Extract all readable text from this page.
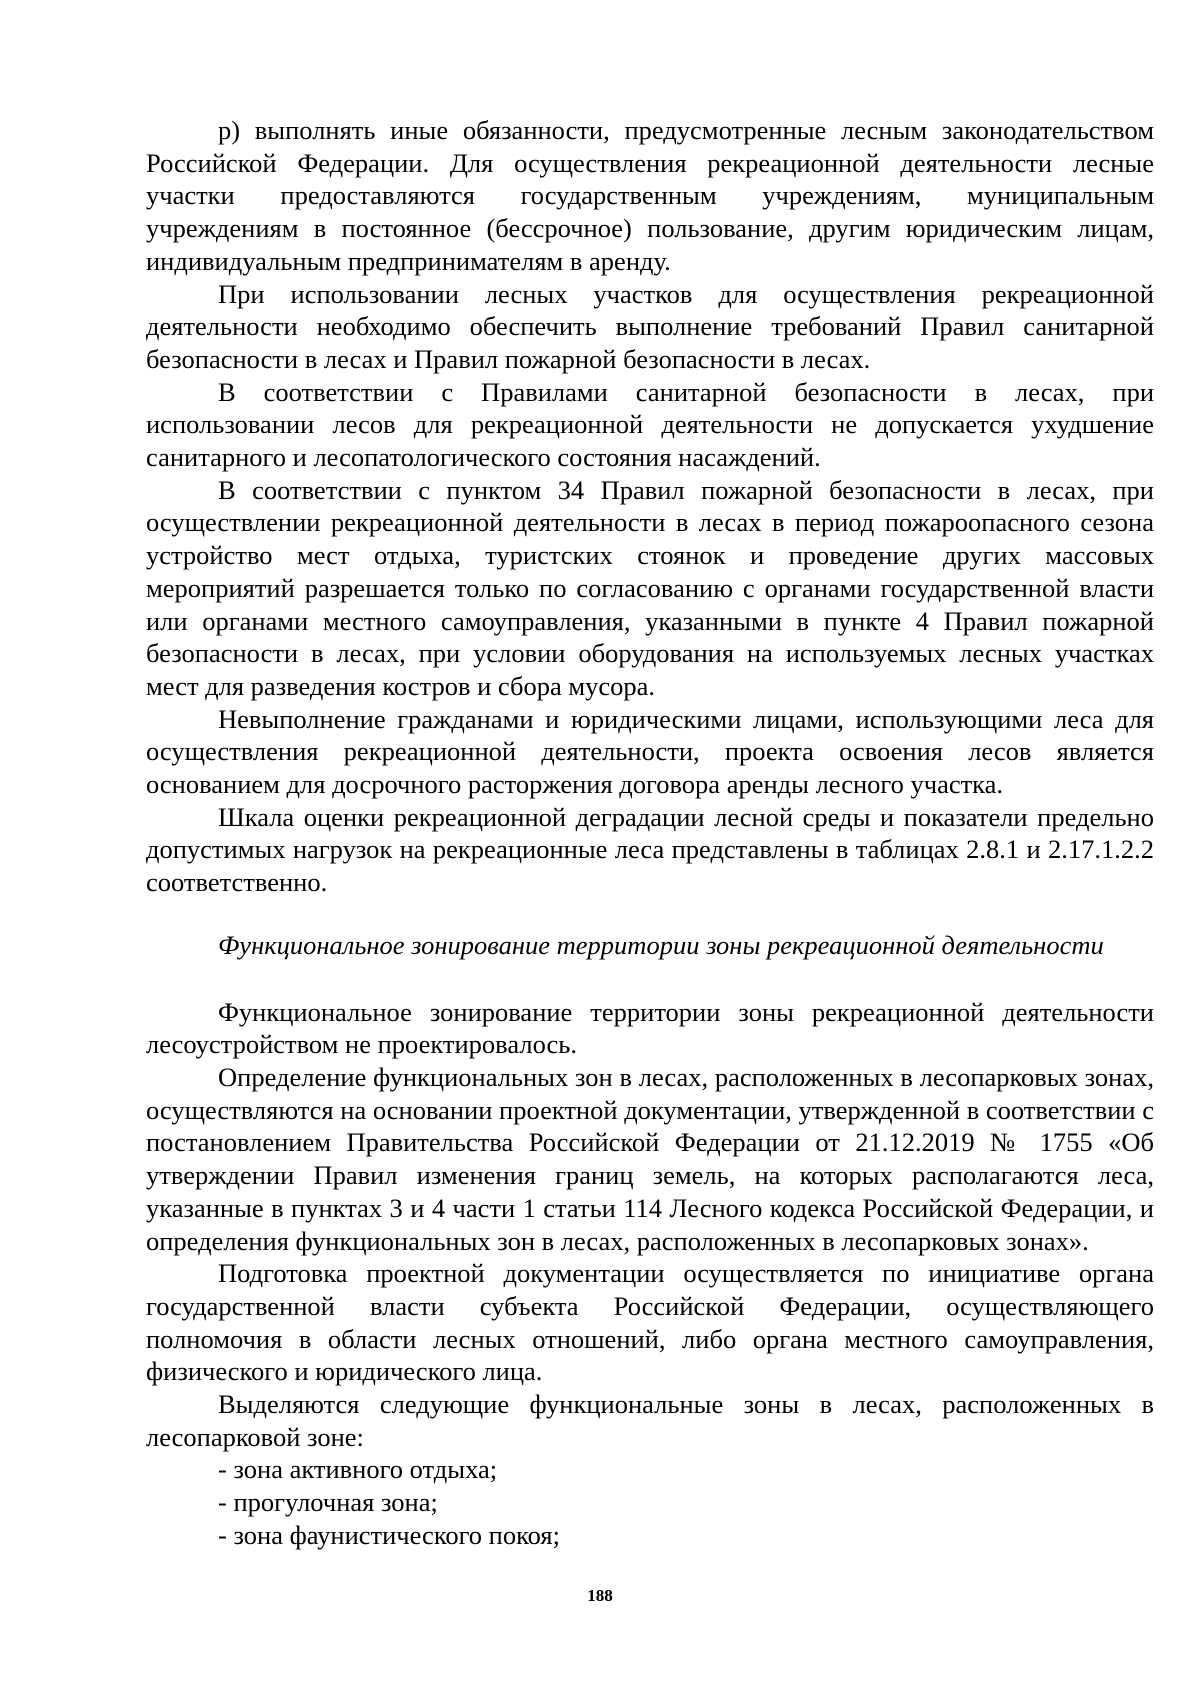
р) выполнять иные обязанности, предусмотренные лесным законодательством Российской Федерации. Для осуществления рекреационной деятельности лесные участки предоставляются государственным учреждениям, муниципальным учреждениям в постоянное (бессрочное) пользование, другим юридическим лицам, индивидуальным предпринимателям в аренду.

При использовании лесных участков для осуществления рекреационной деятельности необходимо обеспечить выполнение требований Правил санитарной безопасности в лесах и Правил пожарной безопасности в лесах.

В соответствии с Правилами санитарной безопасности в лесах, при использовании лесов для рекреационной деятельности не допускается ухудшение санитарного и лесопатологического состояния насаждений.

В соответствии с пунктом 34 Правил пожарной безопасности в лесах, при осуществлении рекреационной деятельности в лесах в период пожароопасного сезона устройство мест отдыха, туристских стоянок и проведение других массовых мероприятий разрешается только по согласованию с органами государственной власти или органами местного самоуправления, указанными в пункте 4 Правил пожарной безопасности в лесах, при условии оборудования на используемых лесных участках мест для разведения костров и сбора мусора.

Невыполнение гражданами и юридическими лицами, использующими леса для осуществления рекреационной деятельности, проекта освоения лесов является основанием для досрочного расторжения договора аренды лесного участка.

Шкала оценки рекреационной деградации лесной среды и показатели предельно допустимых нагрузок на рекреационные леса представлены в таблицах 2.8.1 и 2.17.1.2.2 соответственно.

Функциональное зонирование территории зоны рекреационной деятельности

Функциональное зонирование территории зоны рекреационной деятельности лесоустройством не проектировалось.

Определение функциональных зон в лесах, расположенных в лесопарковых зонах, осуществляются на основании проектной документации, утвержденной в соответствии с постановлением Правительства Российской Федерации от 21.12.2019 № 1755 «Об утверждении Правил изменения границ земель, на которых располагаются леса, указанные в пунктах 3 и 4 части 1 статьи 114 Лесного кодекса Российской Федерации, и определения функциональных зон в лесах, расположенных в лесопарковых зонах».

Подготовка проектной документации осуществляется по инициативе органа государственной власти субъекта Российской Федерации, осуществляющего полномочия в области лесных отношений, либо органа местного самоуправления, физического и юридического лица.

Выделяются следующие функциональные зоны в лесах, расположенных в лесопарковой зоне:

- зона активного отдыха;

- прогулочная зона;

- зона фаунистического покоя;

188
